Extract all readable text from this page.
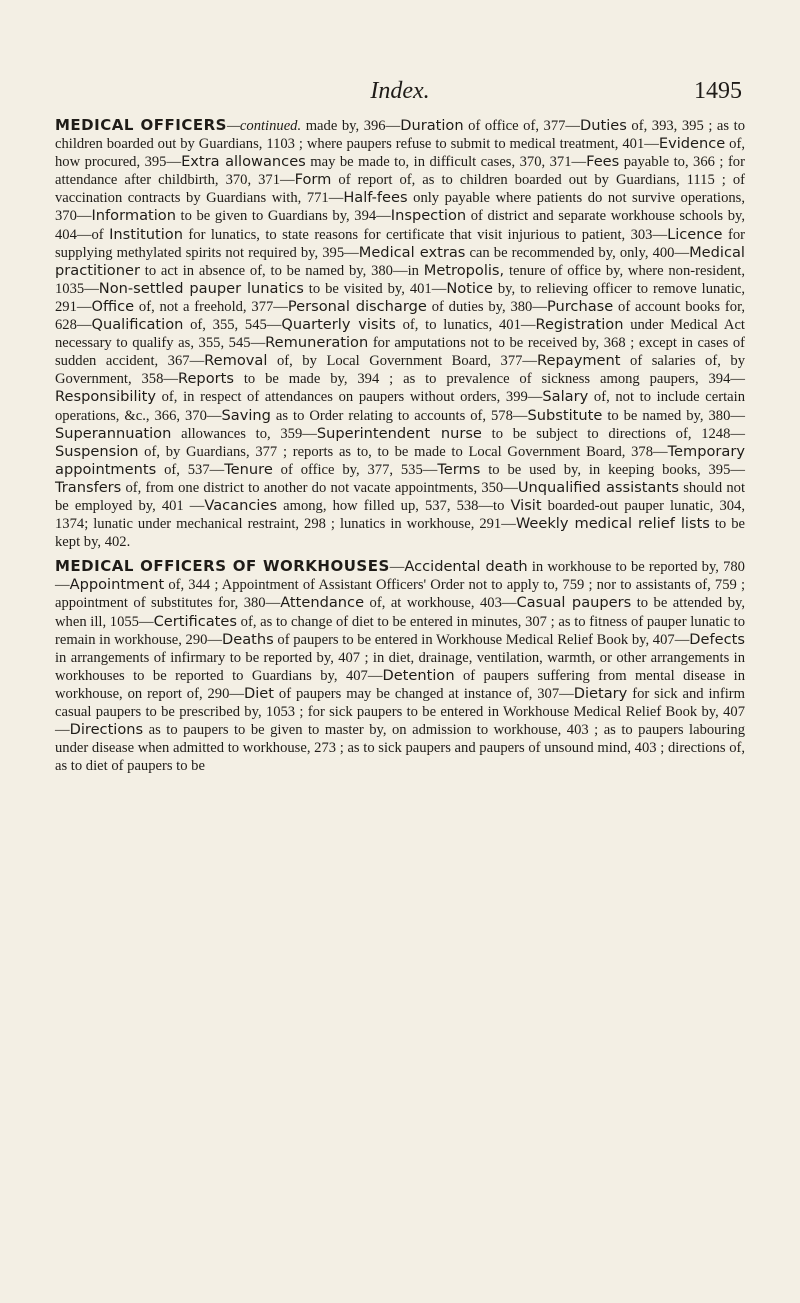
Index.	1495

MEDICAL OFFICERS—continued. made by, 396—Duration of office of, 377—Duties of, 393, 395 ; as to children boarded out by Guardians, 1103 ; where paupers refuse to submit to medical treatment, 401—Evidence of, how procured, 395—Extra allowances may be made to, in difficult cases, 370, 371—Fees payable to, 366 ; for attendance after childbirth, 370, 371—Form of report of, as to children boarded out by Guardians, 1115 ; of vaccination contracts by Guardians with, 771—Half-fees only payable where patients do not survive operations, 370—Information to be given to Guardians by, 394—Inspection of district and separate workhouse schools by, 404—of Institution for lunatics, to state reasons for certificate that visit injurious to patient, 303—Licence for supplying methylated spirits not required by, 395—Medical extras can be recommended by, only, 400—Medical practitioner to act in absence of, to be named by, 380—in Metropolis, tenure of office by, where non-resident, 1035—Non-settled pauper lunatics to be visited by, 401—Notice by, to relieving officer to remove lunatic, 291—Office of, not a freehold, 377—Personal discharge of duties by, 380—Purchase of account books for, 628—Qualification of, 355, 545—Quarterly visits of, to lunatics, 401—Registration under Medical Act necessary to qualify as, 355, 545—Remuneration for amputations not to be received by, 368 ; except in cases of sudden accident, 367—Removal of, by Local Government Board, 377—Repayment of salaries of, by Government, 358—Reports to be made by, 394 ; as to prevalence of sickness among paupers, 394—Responsibility of, in respect of attendances on paupers without orders, 399—Salary of, not to include certain operations, &c., 366, 370—Saving as to Order relating to accounts of, 578—Substitute to be named by, 380—Superannuation allowances to, 359—Superintendent nurse to be subject to directions of, 1248—Suspension of, by Guardians, 377 ; reports as to, to be made to Local Government Board, 378—Temporary appointments of, 537—Tenure of office by, 377, 535—Terms to be used by, in keeping books, 395—Transfers of, from one district to another do not vacate appointments, 350—Unqualified assistants should not be employed by, 401 —Vacancies among, how filled up, 537, 538—to Visit boarded-out pauper lunatic, 304, 1374; lunatic under mechanical restraint, 298 ; lunatics in workhouse, 291—Weekly medical relief lists to be kept by, 402.

MEDICAL OFFICERS OF WORKHOUSES—Accidental death in workhouse to be reported by, 780—Appointment of, 344 ; Appointment of Assistant Officers' Order not to apply to, 759 ; nor to assistants of, 759 ; appointment of substitutes for, 380—Attendance of, at workhouse, 403—Casual paupers to be attended by, when ill, 1055—Certificates of, as to change of diet to be entered in minutes, 307 ; as to fitness of pauper lunatic to remain in workhouse, 290—Deaths of paupers to be entered in Workhouse Medical Relief Book by, 407—Defects in arrangements of infirmary to be reported by, 407 ; in diet, drainage, ventilation, warmth, or other arrangements in workhouses to be reported to Guardians by, 407—Detention of paupers suffering from mental disease in workhouse, on report of, 290—Diet of paupers may be changed at instance of, 307—Dietary for sick and infirm casual paupers to be prescribed by, 1053 ; for sick paupers to be entered in Workhouse Medical Relief Book by, 407—Directions as to paupers to be given to master by, on admission to workhouse, 403 ; as to paupers labouring under disease when admitted to workhouse, 273 ; as to sick paupers and paupers of unsound mind, 403 ; directions of, as to diet of paupers to be
